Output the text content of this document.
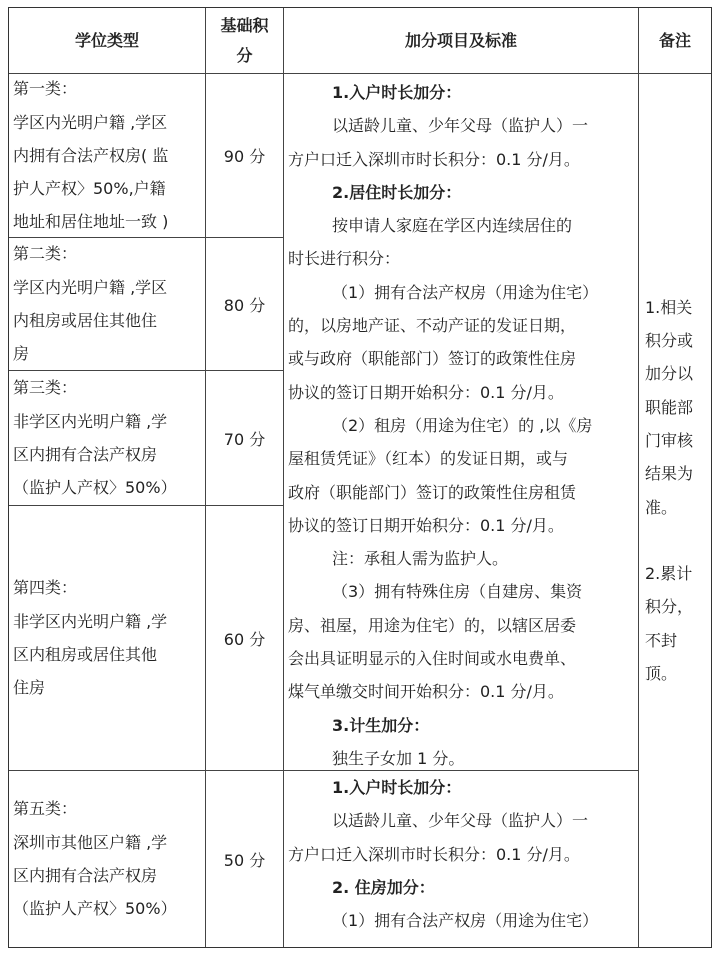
学位类型
基础积
分
加分项目及标准	备注
第一类：
学区内光明户籍 ,学区
内拥有合法产权房( 监
护人产权〉50%,户籍
地址和居住地址一致 )
90 分
第二类：
学区内光明户籍 ,学区
内租房或居住其他住
房
80 分
第三类：
非学区内光明户籍 ,学
区内拥有合法产权房
（监护人产权〉50%）
70 分
第四类：
非学区内光明户籍 ,学
区内租房或居住其他
住房
60 分
第五类：
深圳市其他区户籍 ,学
区内拥有合法产权房
（监护人产权〉50%）
50 分
1.入户时长加分：
以适龄儿童、少年父母（监护人）一
方户口迁入深圳市时长积分：0.1 分/月。
2.居住时长加分：
按申请人家庭在学区内连续居住的
时长进行积分：
（1）拥有合法产权房（用途为住宅）
的，以房地产证、不动产证的发证日期，
或与政府（职能部门）签订的政策性住房
协议的签订日期开始积分：0.1 分/月。
（2）租房（用途为住宅）的 ,以《房
屋租赁凭证》（红本）的发证日期，或与
政府（职能部门）签订的政策性住房租赁
协议的签订日期开始积分：0.1 分/月。
注：承租人需为监护人。
（3）拥有特殊住房（自建房、集资
房、祖屋，用途为住宅）的，以辖区居委
会出具证明显示的入住时间或水电费单、
煤气单缴交时间开始积分：0.1 分/月。
3.计生加分：
独生子女加 1 分。
1.入户时长加分：
以适龄儿童、少年父母（监护人）一
方户口迁入深圳市时长积分：0.1 分/月。
2. 住房加分：
（1）拥有合法产权房（用途为住宅）
1.相关
积分或
加分以
职能部
门审核
结果为
准。
2.累计
积分，
不封
顶。
